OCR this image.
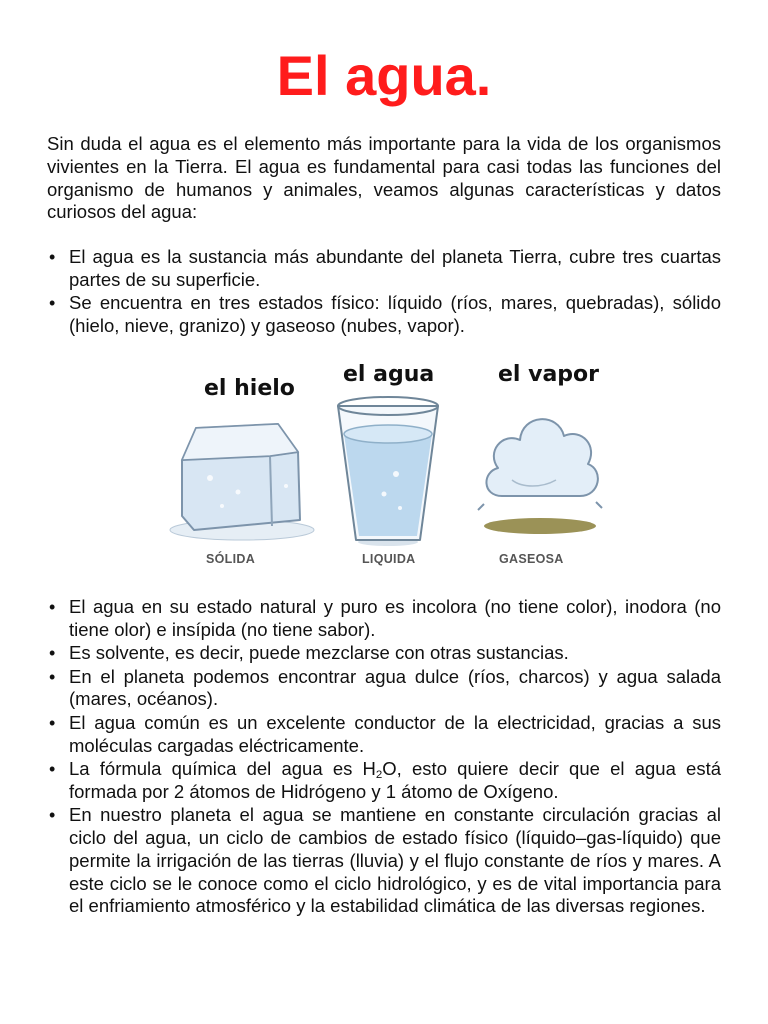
El agua.

Sin duda el agua es el elemento más importante para la vida de los organismos vivientes en la Tierra. El agua es fundamental para casi todas las funciones del organismo de humanos y animales, veamos algunas características y datos curiosos del agua:

• El agua es la sustancia más abundante del planeta Tierra, cubre tres cuartas partes de su superficie.
• Se encuentra en tres estados físico: líquido (ríos, mares, quebradas), sólido (hielo, nieve, granizo) y gaseoso (nubes, vapor).
el hielo
el agua	el vapor
SÓLIDA	LIQUIDA	GASEOSA
• El agua en su estado natural y puro es incolora (no tiene color), inodora (no tiene olor) e insípida (no tiene sabor).
• Es solvente, es decir, puede mezclarse con otras sustancias.
• En el planeta podemos encontrar agua dulce (ríos, charcos) y agua salada (mares, océanos).
• El agua común es un excelente conductor de la electricidad, gracias a sus moléculas cargadas eléctricamente.
• La fórmula química del agua es $H_2O$, esto quiere decir que el agua está formada por 2 átomos de Hidrógeno y 1 átomo de Oxígeno.
• En nuestro planeta el agua se mantiene en constante circulación gracias al ciclo del agua, un ciclo de cambios de estado físico (líquido–gas-líquido) que permite la irrigación de las tierras (lluvia) y el flujo constante de ríos y mares. A este ciclo se le conoce como el ciclo hidrológico, y es de vital importancia para el enfriamiento atmosférico y la estabilidad climática de las diversas regiones.
